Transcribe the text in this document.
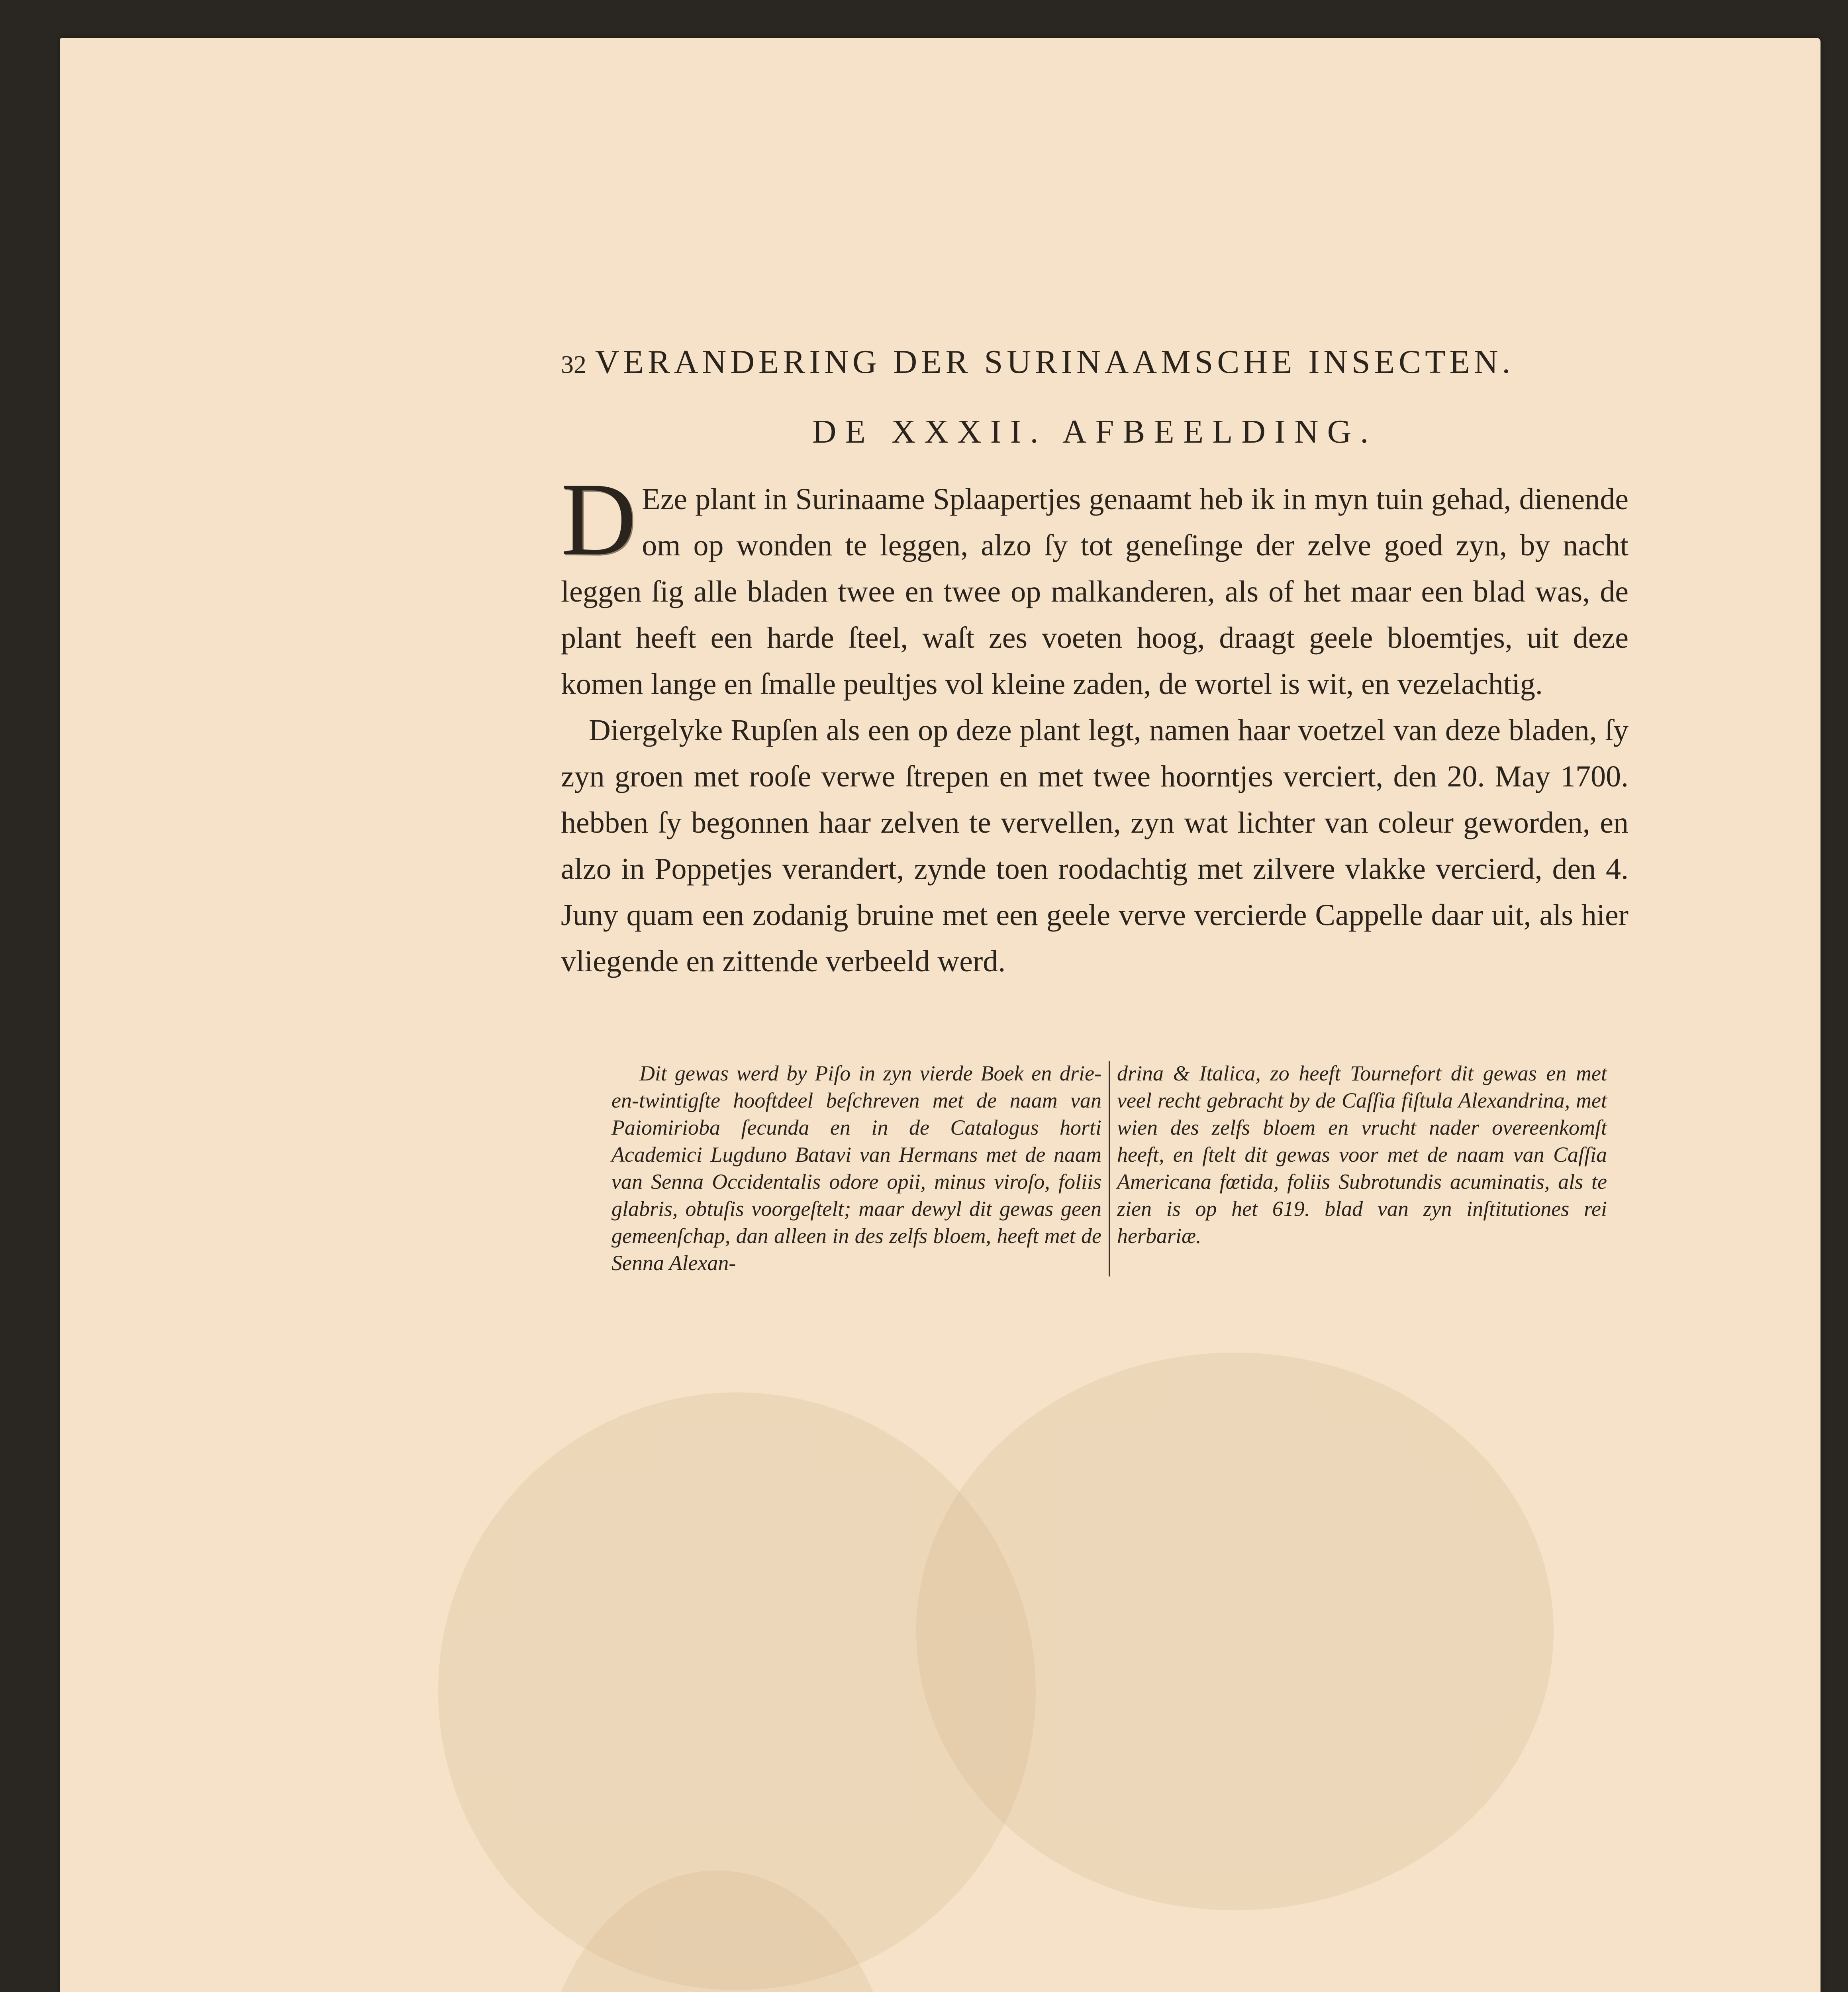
32 VERANDERING DER SURINAAMSCHE INSECTEN.
DE XXXII. AFBEELDING.

D Eze plant in Surinaame Splaapertjes genaamt heb ik in myn tuin gehad, dienende om op wonden te leggen, alzo ſy tot geneſinge der zelve goed zyn, by nacht leggen ſig alle bladen twee en twee op malkanderen, als of het maar een blad was, de plant heeft een harde ſteel, waſt zes voeten hoog, draagt geele bloemtjes, uit deze komen lange en ſmalle peultjes vol kleine zaden, de wortel is wit, en vezelachtig.

Diergelyke Rupſen als een op deze plant legt, namen haar voetzel van deze bladen, ſy zyn groen met rooſe verwe ſtrepen en met twee hoorntjes verciert, den 20. May 1700. hebben ſy begonnen haar zelven te vervellen, zyn wat lichter van coleur geworden, en alzo in Poppetjes verandert, zynde toen roodachtig met zilvere vlakke vercierd, den 4. Juny quam een zodanig bruine met een geele verve vercierde Cappelle daar uit, als hier vliegende en zittende verbeeld werd.

Dit gewas werd by Piſo in zyn vierde Boek en drie-en-twintigſte hooftdeel beſchreven met de naam van Paiomirioba ſecunda en in de Catalogus horti Academici Lugduno Batavi van Hermans met de naam van Senna Occidentalis odore opii, minus viroſo, foliis glabris, obtuſis voorgeſtelt; maar dewyl dit gewas geen gemeenſchap, dan alleen in des zelfs bloem, heeft met de Senna Alexan-
drina & Italica, zo heeft Tournefort dit gewas en met veel recht gebracht by de Caſſia fiſtula Alexandrina, met wien des zelfs bloem en vrucht nader overeenkomſt heeft, en ſtelt dit gewas voor met de naam van Caſſia Americana fœtida, foliis Subrotundis acuminatis, als te zien is op het 619. blad van zyn inſtitutiones rei herbariæ.
